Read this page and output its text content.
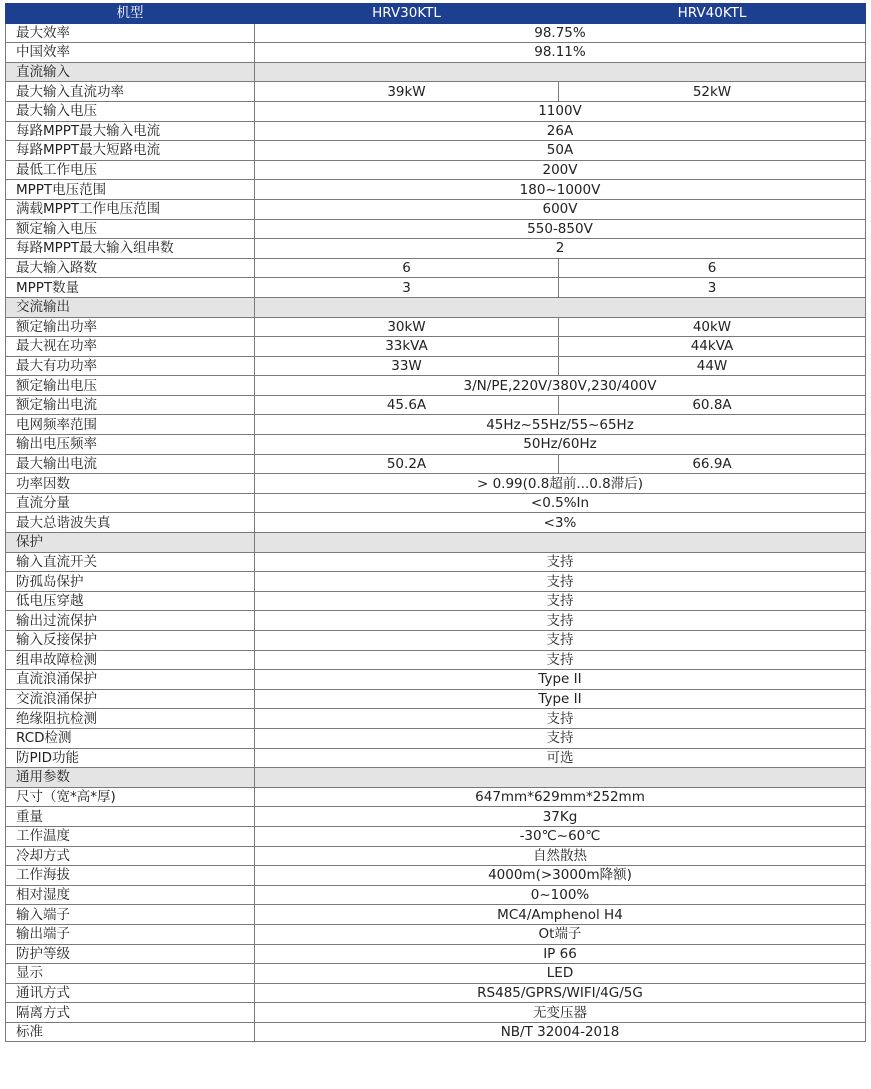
机型	HRV30KTL	HRV40KTL
最大效率	98.75%	
中国效率	98.11%	
直流输入		
最大输入直流功率	39kW	52kW
最大输入电压	1100V	
每路MPPT最大输入电流	26A	
每路MPPT最大短路电流	50A	
最低工作电压	200V	
MPPT电压范围	180~1000V	
满载MPPT工作电压范围	600V	
额定输入电压	550-850V	
每路MPPT最大输入组串数	2	
最大输入路数	6	6
MPPT数量	3	3
交流输出		
额定输出功率	30kW	40kW
最大视在功率	33kVA	44kVA
最大有功功率	33W	44W
额定输出电压	3/N/PE,220V/380V,230/400V	
额定输出电流	45.6A	60.8A
电网频率范围	45Hz~55Hz/55~65Hz	
输出电压频率	50Hz/60Hz	
最大输出电流	50.2A	66.9A
功率因数	> 0.99(0.8超前...0.8滞后)	
直流分量	<0.5%In	
最大总谐波失真	<3%	
保护		
输入直流开关	支持	
防孤岛保护	支持	
低电压穿越	支持	
输出过流保护	支持	
输入反接保护	支持	
组串故障检测	支持	
直流浪涌保护	Type II	
交流浪涌保护	Type II	
绝缘阻抗检测	支持	
RCD检测	支持	
防PID功能	可选	
通用参数		
尺寸（宽*高*厚)	647mm*629mm*252mm	
重量	37Kg	
工作温度	-30℃~60℃	
冷却方式	自然散热	
工作海拔	4000m(>3000m降额)	
相对湿度	0~100%	
输入端子	MC4/Amphenol H4	
输出端子	Ot端子	
防护等级	IP 66	
显示	LED	
通讯方式	RS485/GPRS/WIFI/4G/5G	
隔离方式	无变压器	
标准	NB/T 32004-2018	
